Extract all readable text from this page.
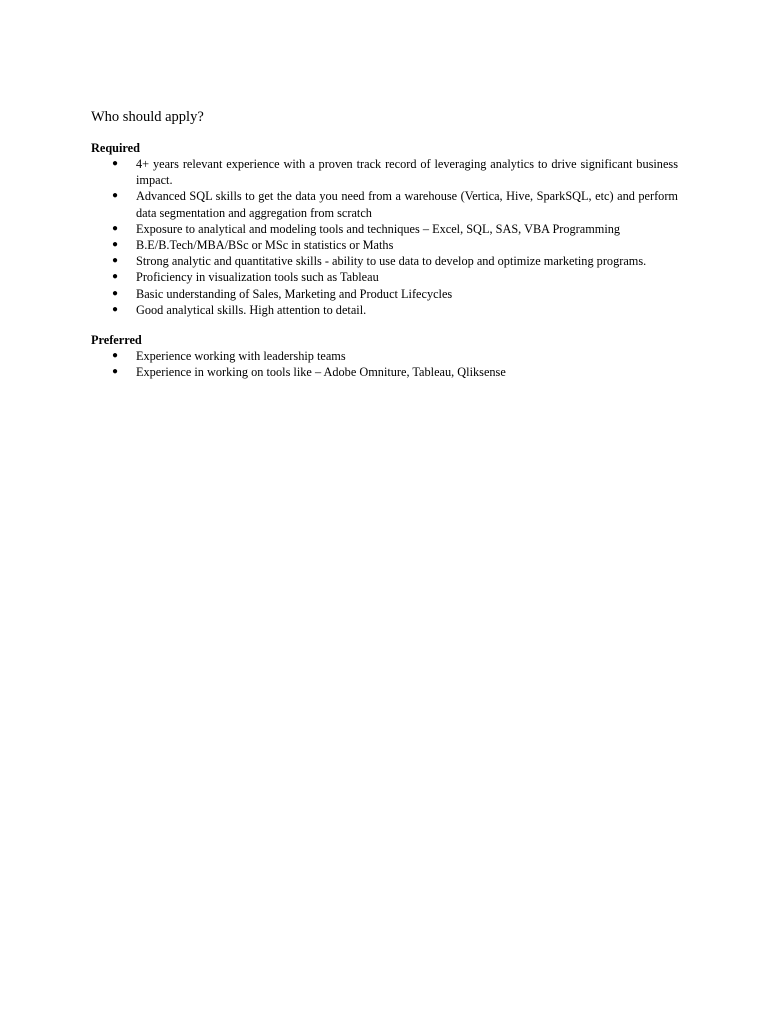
Who should apply?
Required
● 4+ years relevant experience with a proven track record of leveraging analytics to drive significant business impact.
● Advanced SQL skills to get the data you need from a warehouse (Vertica, Hive, SparkSQL, etc) and perform data segmentation and aggregation from scratch
● Exposure to analytical and modeling tools and techniques – Excel, SQL, SAS, VBA Programming
● B.E/B.Tech/MBA/BSc or MSc in statistics or Maths
● Strong analytic and quantitative skills - ability to use data to develop and optimize marketing programs.
● Proficiency in visualization tools such as Tableau
● Basic understanding of Sales, Marketing and Product Lifecycles
● Good analytical skills. High attention to detail.
Preferred
● Experience working with leadership teams
● Experience in working on tools like – Adobe Omniture, Tableau, Qliksense
